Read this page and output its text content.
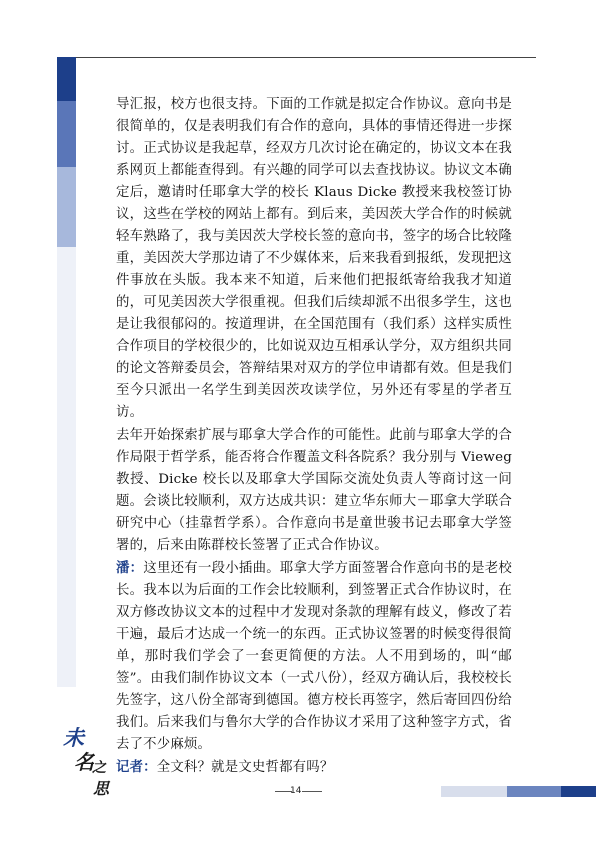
导汇报，校方也很支持。下面的工作就是拟定合作协议。意向书是很简单的，仅是表明我们有合作的意向，具体的事情还得进一步探讨。正式协议是我起草，经双方几次讨论在确定的，协议文本在我系网页上都能查得到。有兴趣的同学可以去查找协议。协议文本确定后，邀请时任耶拿大学的校长 Klaus Dicke 教授来我校签订协议，这些在学校的网站上都有。到后来，美因茨大学合作的时候就轻车熟路了，我与美因茨大学校长签的意向书，签字的场合比较隆重，美因茨大学那边请了不少媒体来，后来我看到报纸，发现把这件事放在头版。我本来不知道，后来他们把报纸寄给我我才知道的，可见美因茨大学很重视。但我们后续却派不出很多学生，这也是让我很郁闷的。按道理讲，在全国范围有（我们系）这样实质性合作项目的学校很少的，比如说双边互相承认学分，双方组织共同的论文答辩委员会，答辩结果对双方的学位申请都有效。但是我们至今只派出一名学生到美因茨攻读学位，另外还有零星的学者互访。

去年开始探索扩展与耶拿大学合作的可能性。此前与耶拿大学的合作局限于哲学系，能否将合作覆盖文科各院系？我分别与 Vieweg 教授、Dicke 校长以及耶拿大学国际交流处负责人等商讨这一问题。会谈比较顺利，双方达成共识：建立华东师大－耶拿大学联合研究中心（挂靠哲学系）。合作意向书是童世骏书记去耶拿大学签署的，后来由陈群校长签署了正式合作协议。

潘：这里还有一段小插曲。耶拿大学方面签署合作意向书的是老校长。我本以为后面的工作会比较顺利，到签署正式合作协议时，在双方修改协议文本的过程中才发现对条款的理解有歧义，修改了若干遍，最后才达成一个统一的东西。正式协议签署的时候变得很简单，那时我们学会了一套更简便的方法。人不用到场的，叫“邮签”。由我们制作协议文本（一式八份），经双方确认后，我校校长先签字，这八份全部寄到德国。德方校长再签字，然后寄回四份给我们。后来我们与鲁尔大学的合作协议才采用了这种签字方式，省去了不少麻烦。

记者：全文科？就是文史哲都有吗？

未
名
之
思	14
